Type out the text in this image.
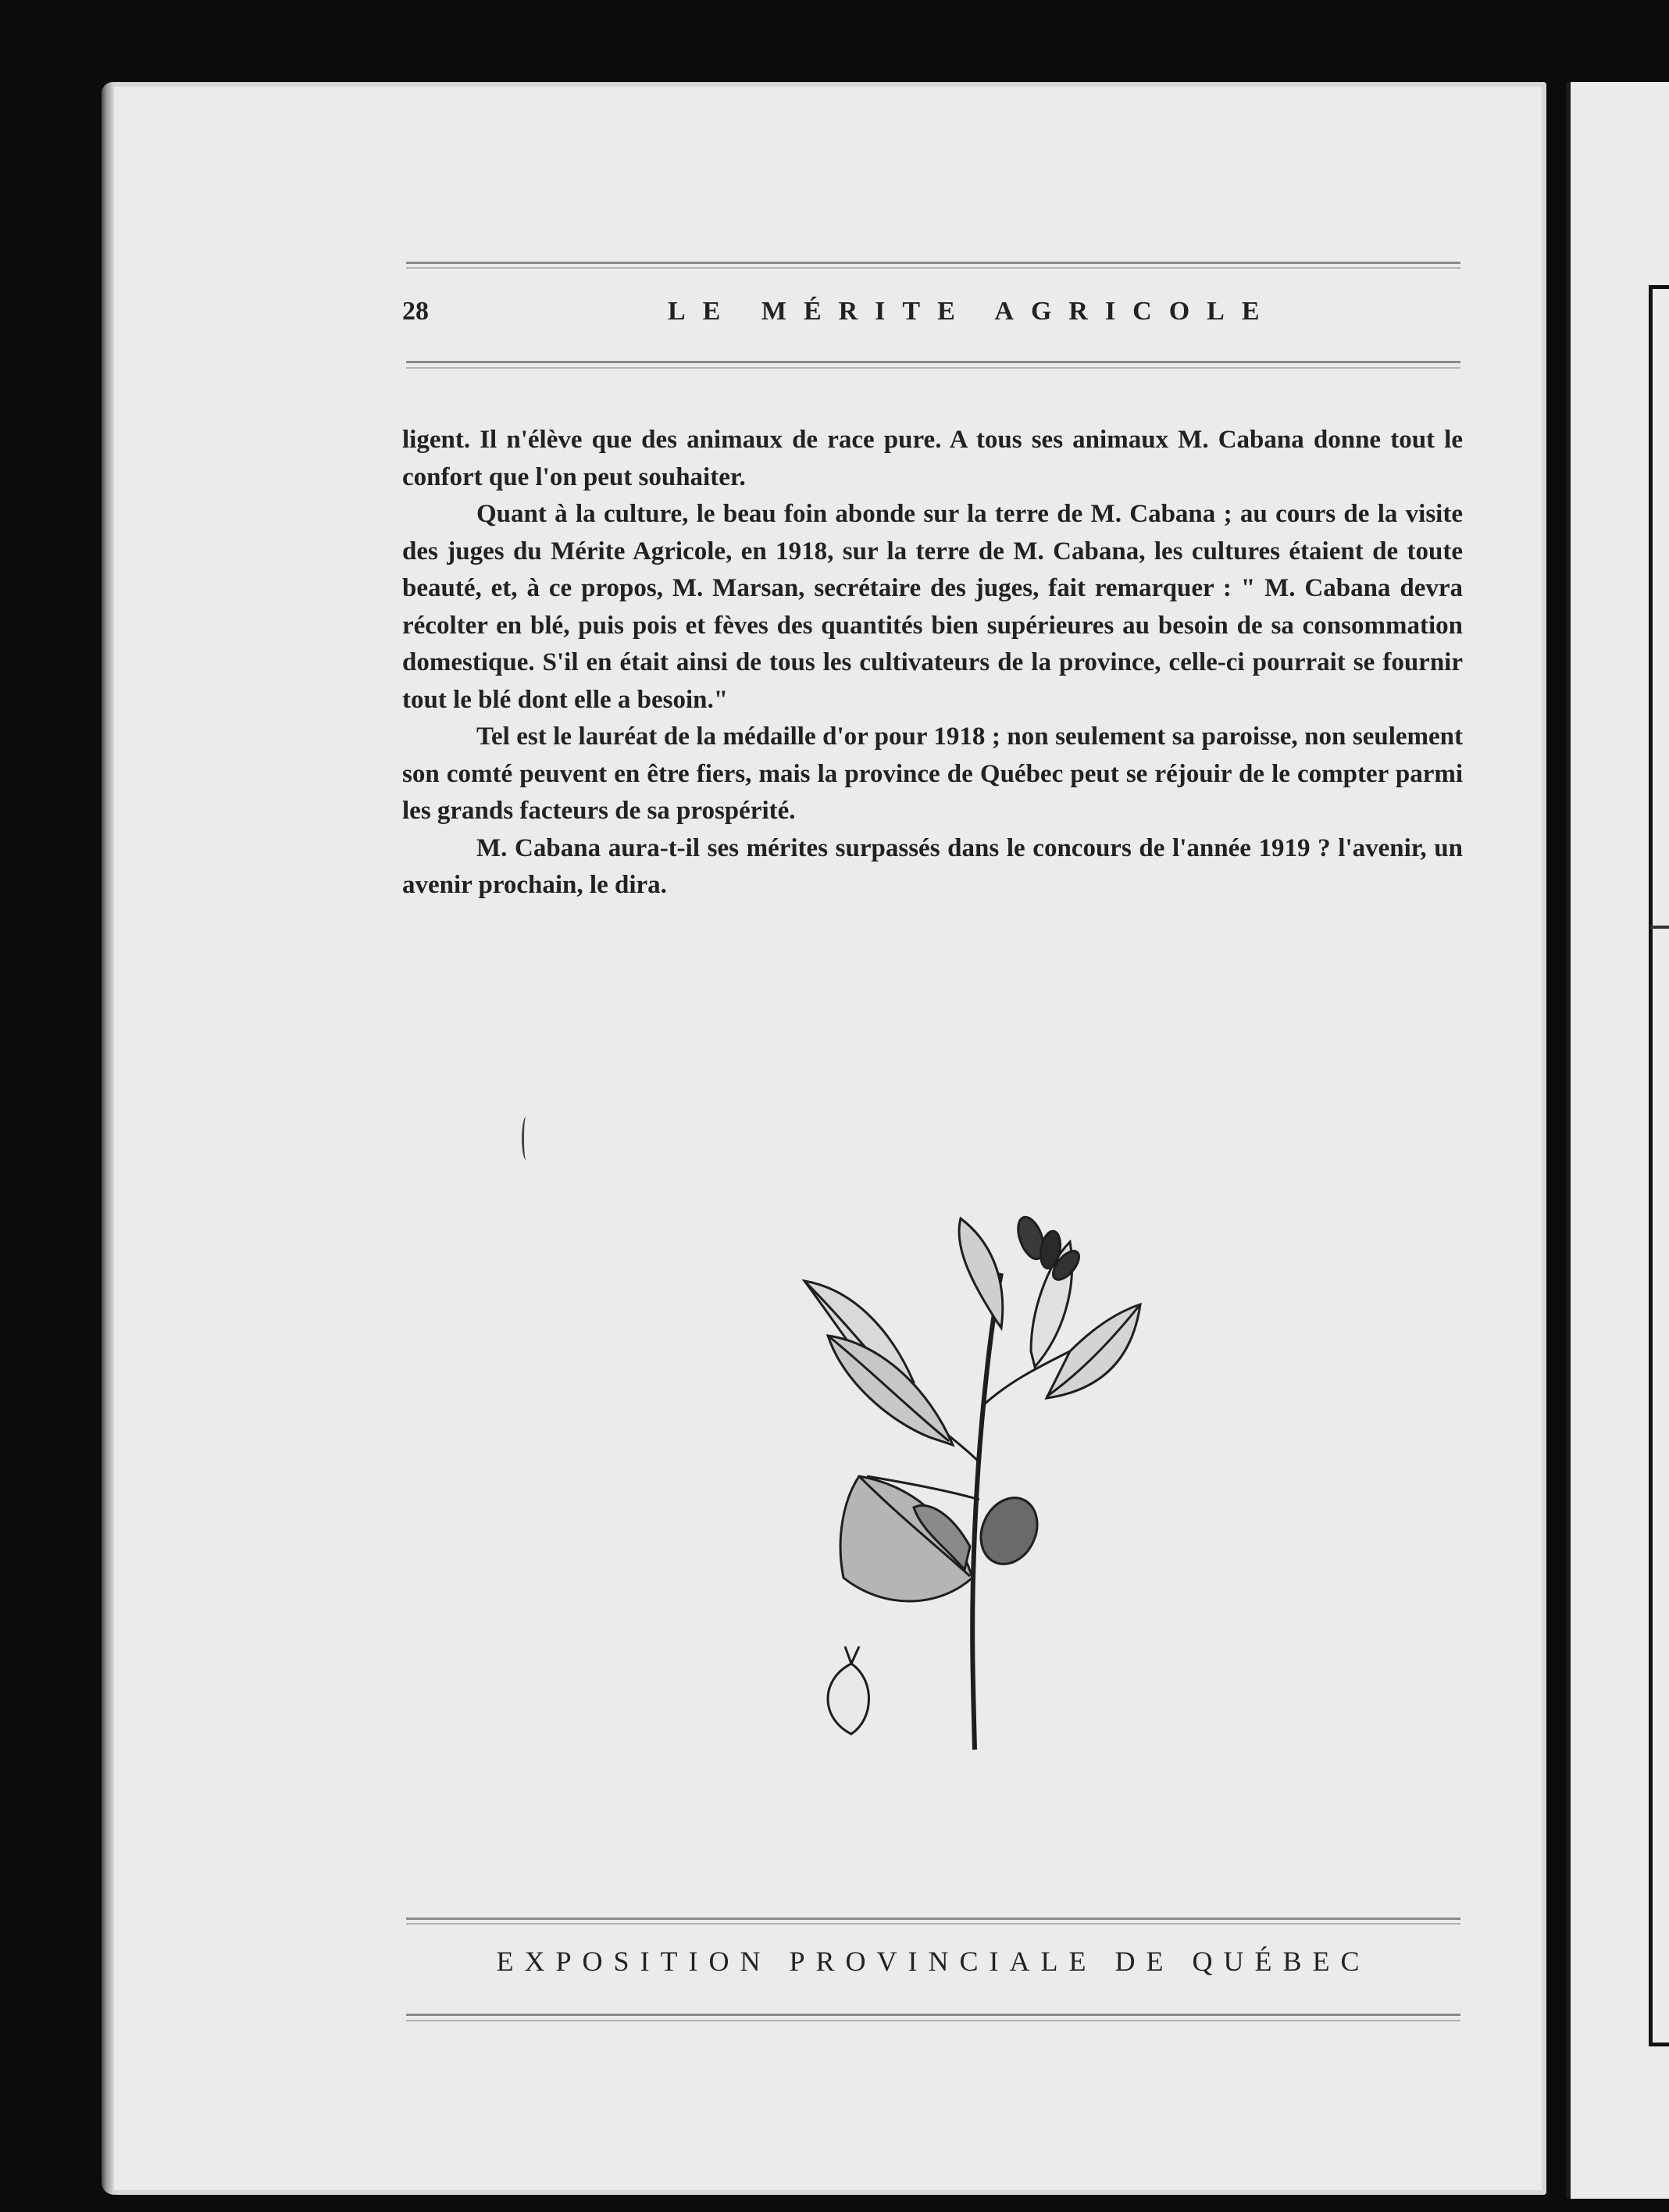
28	LE MÉRITE AGRICOLE

ligent. Il n'élève que des animaux de race pure. A tous ses animaux M. Cabana donne tout le confort que l'on peut souhaiter.

Quant à la culture, le beau foin abonde sur la terre de M. Cabana ; au cours de la visite des juges du Mérite Agricole, en 1918, sur la terre de M. Cabana, les cultures étaient de toute beauté, et, à ce propos, M. Marsan, secrétaire des juges, fait remarquer : " M. Cabana devra récolter en blé, puis pois et fèves des quantités bien supérieures au besoin de sa consommation domestique. S'il en était ainsi de tous les cultivateurs de la province, celle-ci pourrait se fournir tout le blé dont elle a besoin."

Tel est le lauréat de la médaille d'or pour 1918 ; non seulement sa paroisse, non seulement son comté peuvent en être fiers, mais la province de Québec peut se réjouir de le compter parmi les grands facteurs de sa prospérité.

M. Cabana aura-t-il ses mérites surpassés dans le concours de l'année 1919 ? l'avenir, un avenir prochain, le dira.

EXPOSITION PROVINCIALE DE QUÉBEC
